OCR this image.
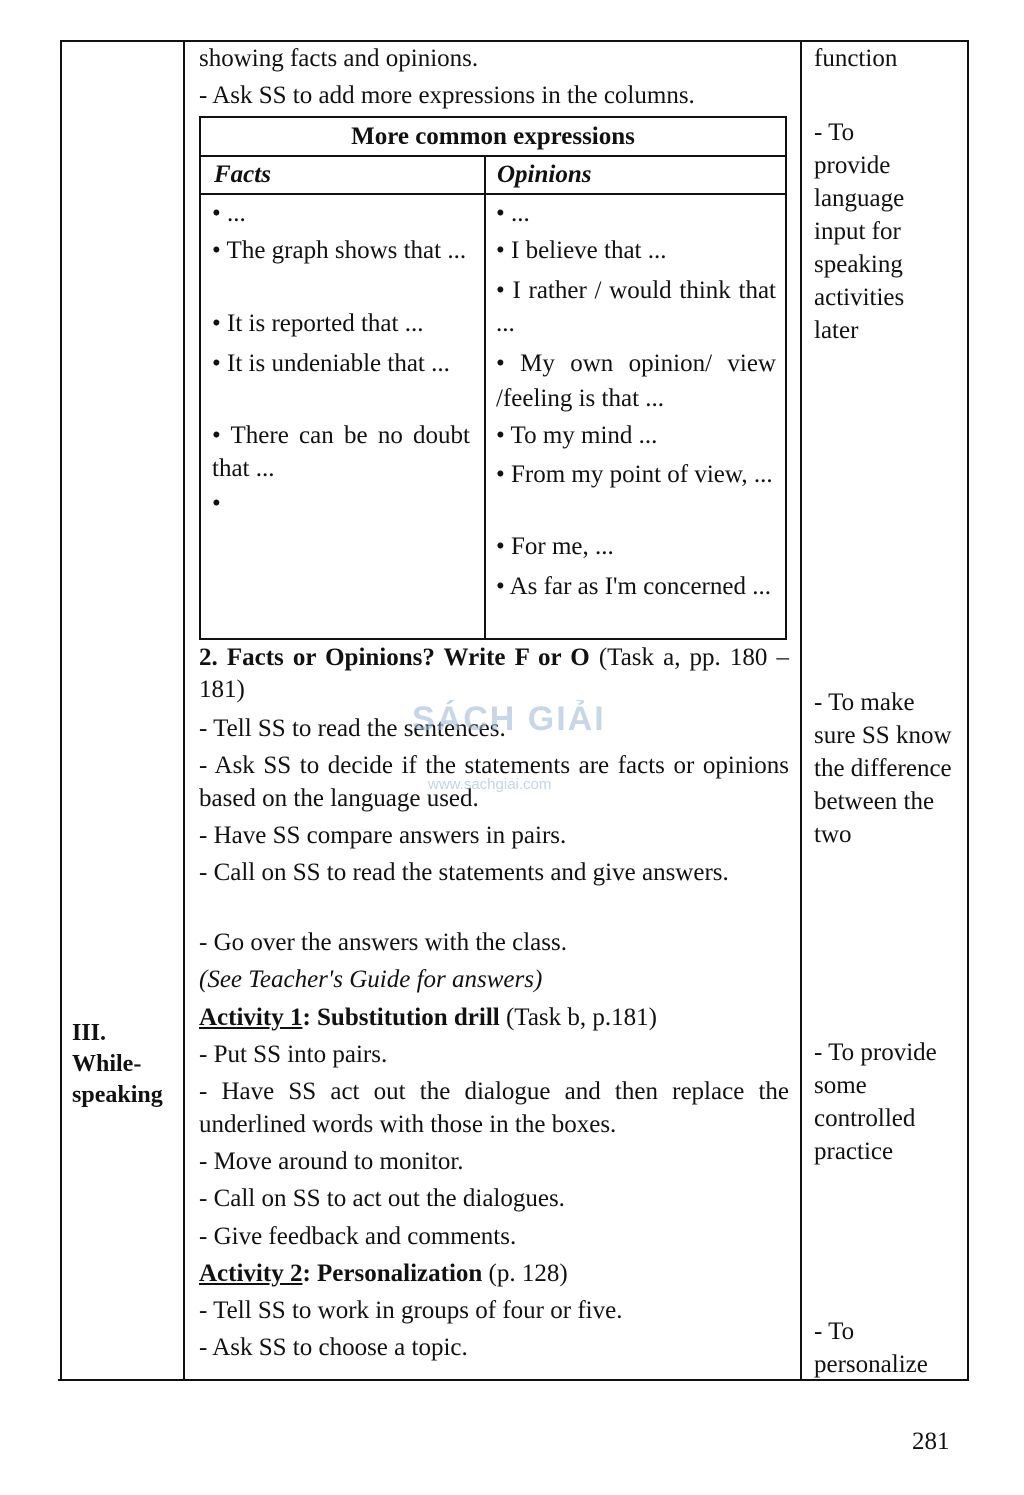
III.
While-
speaking
showing facts and opinions.
- Ask SS to add more expressions in the columns.
More common expressions
Facts	Opinions
• ...
• The graph shows that ...
• It is reported that ...
• It is undeniable that ...
• There can be no doubt that ...
•
• ...
• I believe that ...
• I rather / would think that ...
• My own opinion/ view /feeling is that ...
• To my mind ...
• From my point of view, ...
• For me, ...
• As far as I'm concerned ...
2. Facts or Opinions? Write F or O (Task a, pp. 180 – 181)
- Tell SS to read the sentences.
- Ask SS to decide if the statements are facts or opinions based on the language used.
- Have SS compare answers in pairs.
- Call on SS to read the statements and give answers.
- Go over the answers with the class.
(See Teacher's Guide for answers)
Activity 1: Substitution drill (Task b, p.181)
- Put SS into pairs.
- Have SS act out the dialogue and then replace the underlined words with those in the boxes.
- Move around to monitor.
- Call on SS to act out the dialogues.
- Give feedback and comments.
Activity 2: Personalization (p. 128)
- Tell SS to work in groups of four or five.
- Ask SS to choose a topic.
function
- To provide language input for speaking activities later
- To make sure SS know the difference between the two
- To provide some controlled practice
- To personalize
SÁCH GIẢI
www.sachgiai.com
281
